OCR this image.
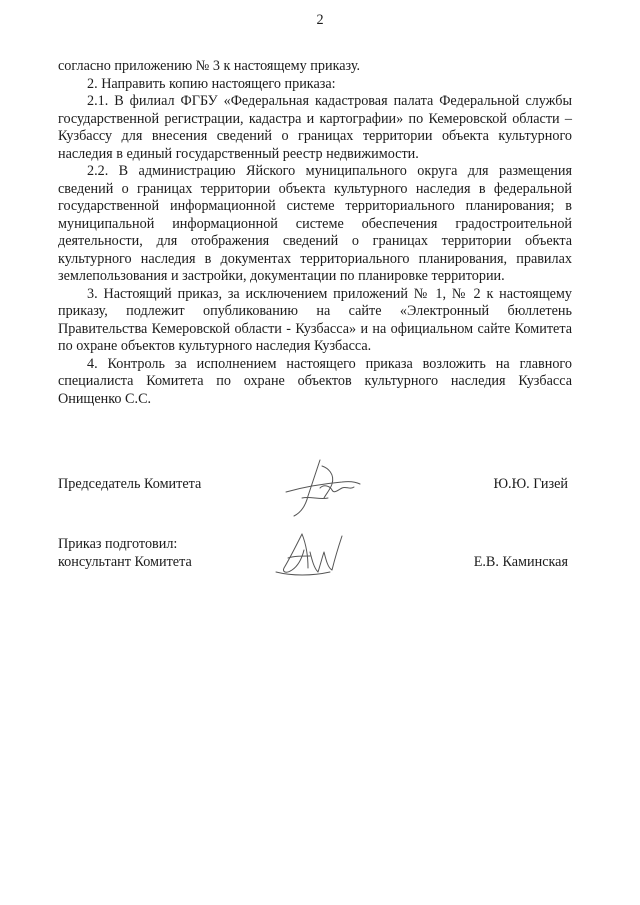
2

согласно приложению № 3 к настоящему приказу.

2. Направить копию настоящего приказа:

2.1. В филиал ФГБУ «Федеральная кадастровая палата Федеральной службы государственной регистрации, кадастра и картографии» по Кемеровской области – Кузбассу для внесения сведений о границах территории объекта культурного наследия в единый государственный реестр недвижимости.

2.2. В администрацию Яйского муниципального округа для размещения сведений о границах территории объекта культурного наследия в федеральной государственной информационной системе территориального планирования; в муниципальной информационной системе обеспечения градостроительной деятельности, для отображения сведений о границах территории объекта культурного наследия в документах территориального планирования, правилах землепользования и застройки, документации по планировке территории.

3. Настоящий приказ, за исключением приложений № 1, № 2 к настоящему приказу, подлежит опубликованию на сайте «Электронный бюллетень Правительства Кемеровской области - Кузбасса» и на официальном сайте Комитета по охране объектов культурного наследия Кузбасса.

4. Контроль за исполнением настоящего приказа возложить на главного специалиста Комитета по охране объектов культурного наследия Кузбасса Онищенко С.С.

Председатель Комитета	Ю.Ю. Гизей
Приказ подготовил:
консультант Комитета	Е.В. Каминская
